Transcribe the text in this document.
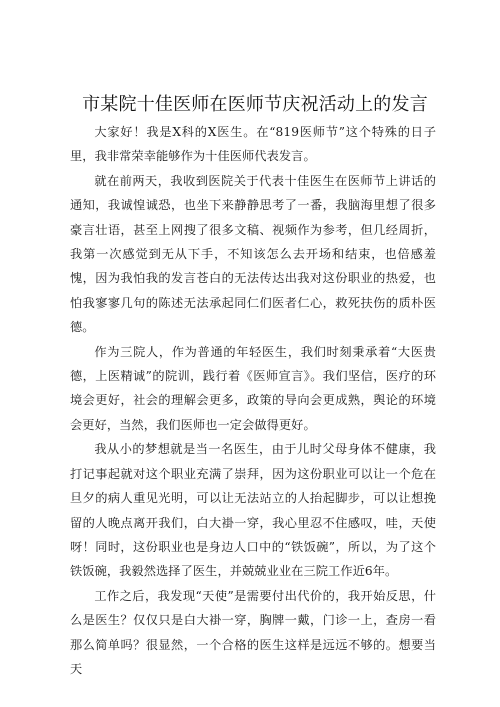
市某院十佳医师在医师节庆祝活动上的发言

大家好！我是X科的X医生。在“819医师节”这个特殊的日子里，我非常荣幸能够作为十佳医师代表发言。

就在前两天，我收到医院关于代表十佳医生在医师节上讲话的通知，我诚惶诚恐，也坐下来静静思考了一番，我脑海里想了很多豪言壮语，甚至上网搜了很多文稿、视频作为参考，但几经周折，我第一次感觉到无从下手，不知该怎么去开场和结束，也倍感羞愧，因为我怕我的发言苍白的无法传达出我对这份职业的热爱，也怕我寥寥几句的陈述无法承起同仁们医者仁心，救死扶伤的质朴医德。

作为三院人，作为普通的年轻医生，我们时刻秉承着“大医贵德，上医精诚”的院训，践行着《医师宣言》。我们坚信，医疗的环境会更好，社会的理解会更多，政策的导向会更成熟，舆论的环境会更好，当然，我们医师也一定会做得更好。

我从小的梦想就是当一名医生，由于儿时父母身体不健康，我打记事起就对这个职业充满了崇拜，因为这份职业可以让一个危在旦夕的病人重见光明，可以让无法站立的人抬起脚步，可以让想挽留的人晚点离开我们，白大褂一穿，我心里忍不住感叹，哇，天使呀！同时，这份职业也是身边人口中的“铁饭碗”，所以，为了这个铁饭碗，我毅然选择了医生，并兢兢业业在三院工作近6年。

工作之后，我发现“天使”是需要付出代价的，我开始反思，什么是医生？仅仅只是白大褂一穿，胸牌一戴，门诊一上，查房一看那么简单吗？很显然，一个合格的医生这样是远远不够的。想要当天
